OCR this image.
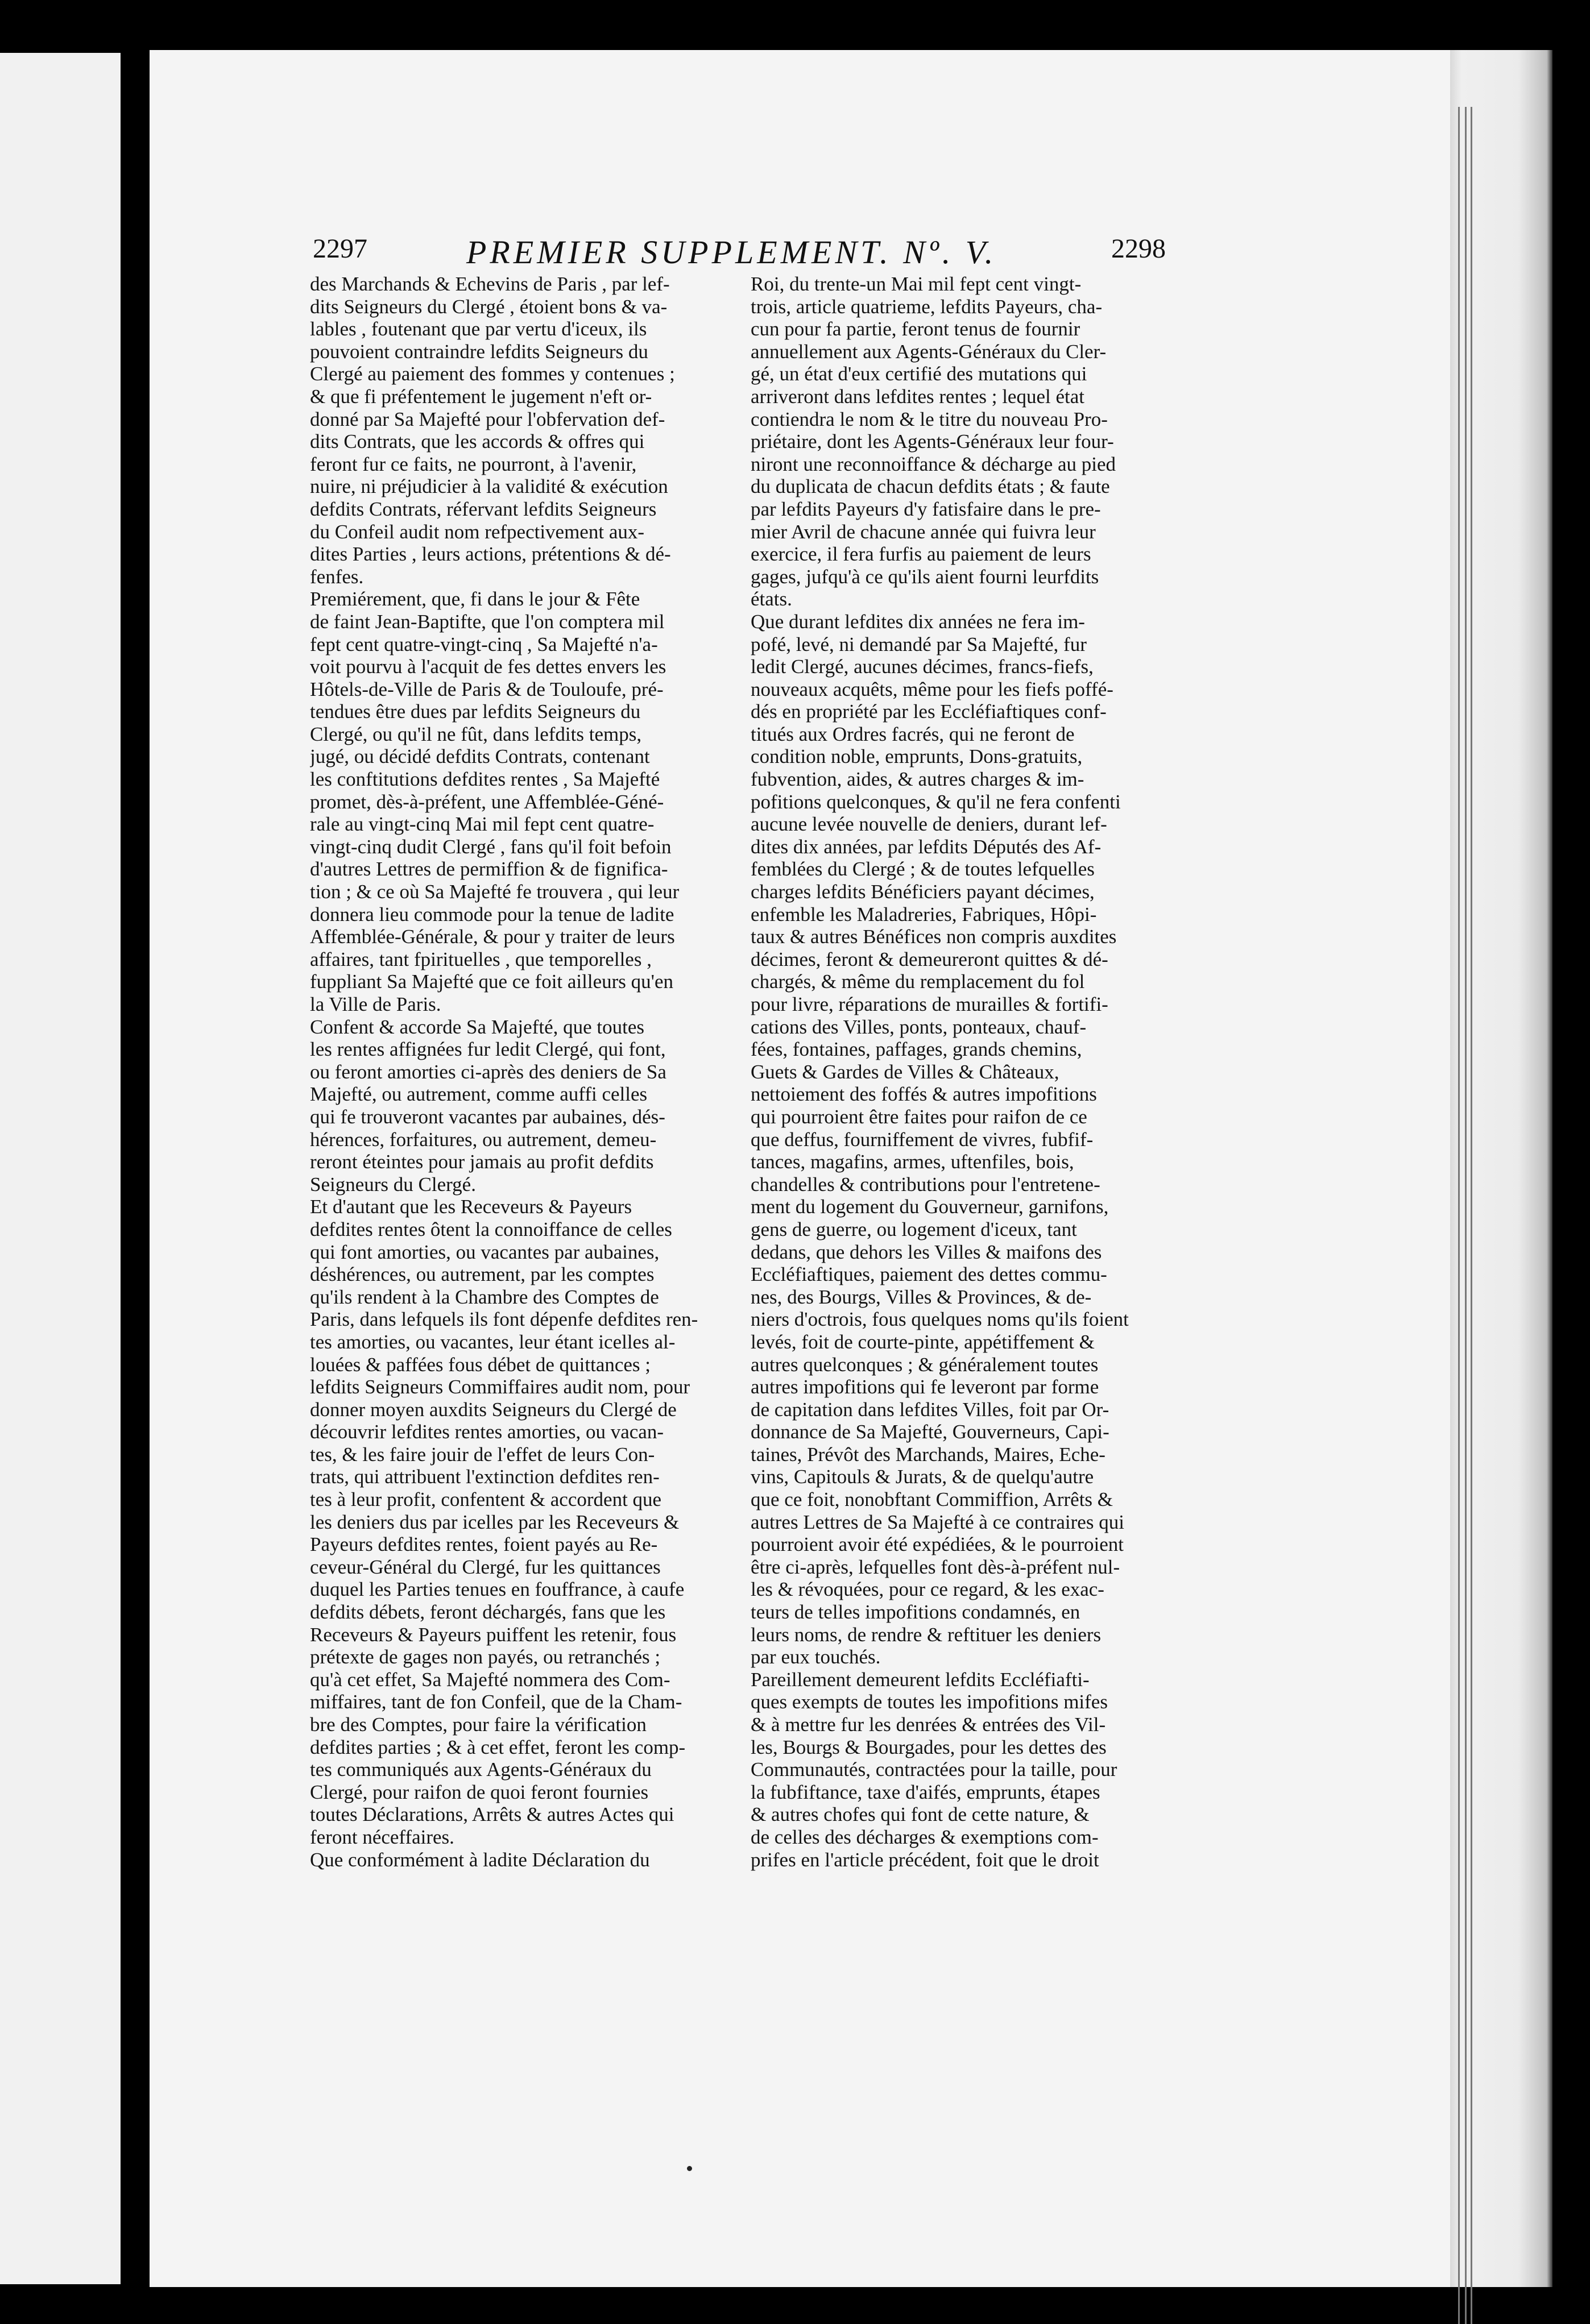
2297	PREMIER SUPPLEMENT. Nº. V.	2298
des Marchands & Echevins de Paris , par lef-
dits Seigneurs du Clergé , étoient bons & va-
lables , foutenant que par vertu d'iceux, ils
pouvoient contraindre lefdits Seigneurs du
Clergé au paiement des fommes y contenues ;
& que fi préfentement le jugement n'eft or-
donné par Sa Majefté pour l'obfervation def-
dits Contrats, que les accords & offres qui
feront fur ce faits, ne pourront, à l'avenir,
nuire, ni préjudicier à la validité & exécution
defdits Contrats, réfervant lefdits Seigneurs
du Confeil audit nom refpectivement aux-
dites Parties , leurs actions, prétentions & dé-
fenfes.
Premiérement, que, fi dans le jour & Fête
de faint Jean-Baptifte, que l'on comptera mil
fept cent quatre-vingt-cinq , Sa Majefté n'a-
voit pourvu à l'acquit de fes dettes envers les
Hôtels-de-Ville de Paris & de Touloufe, pré-
tendues être dues par lefdits Seigneurs du
Clergé, ou qu'il ne fût, dans lefdits temps,
jugé, ou décidé defdits Contrats, contenant
les conftitutions defdites rentes , Sa Majefté
promet, dès-à-préfent, une Affemblée-Géné-
rale au vingt-cinq Mai mil fept cent quatre-
vingt-cinq dudit Clergé , fans qu'il foit befoin
d'autres Lettres de permiffion & de fignifica-
tion ; & ce où Sa Majefté fe trouvera , qui leur
donnera lieu commode pour la tenue de ladite
Affemblée-Générale, & pour y traiter de leurs
affaires, tant fpirituelles , que temporelles ,
fuppliant Sa Majefté que ce foit ailleurs qu'en
la Ville de Paris.
Confent & accorde Sa Majefté, que toutes
les rentes affignées fur ledit Clergé, qui font,
ou feront amorties ci-après des deniers de Sa
Majefté, ou autrement, comme auffi celles
qui fe trouveront vacantes par aubaines, dés-
hérences, forfaitures, ou autrement, demeu-
reront éteintes pour jamais au profit defdits
Seigneurs du Clergé.
Et d'autant que les Receveurs & Payeurs
defdites rentes ôtent la connoiffance de celles
qui font amorties, ou vacantes par aubaines,
déshérences, ou autrement, par les comptes
qu'ils rendent à la Chambre des Comptes de
Paris, dans lefquels ils font dépenfe defdites ren-
tes amorties, ou vacantes, leur étant icelles al-
louées & paffées fous débet de quittances ;
lefdits Seigneurs Commiffaires audit nom, pour
donner moyen auxdits Seigneurs du Clergé de
découvrir lefdites rentes amorties, ou vacan-
tes, & les faire jouir de l'effet de leurs Con-
trats, qui attribuent l'extinction defdites ren-
tes à leur profit, confentent & accordent que
les deniers dus par icelles par les Receveurs &
Payeurs defdites rentes, foient payés au Re-
ceveur-Général du Clergé, fur les quittances
duquel les Parties tenues en fouffrance, à caufe
defdits débets, feront déchargés, fans que les
Receveurs & Payeurs puiffent les retenir, fous
prétexte de gages non payés, ou retranchés ;
qu'à cet effet, Sa Majefté nommera des Com-
miffaires, tant de fon Confeil, que de la Cham-
bre des Comptes, pour faire la vérification
defdites parties ; & à cet effet, feront les comp-
tes communiqués aux Agents-Généraux du
Clergé, pour raifon de quoi feront fournies
toutes Déclarations, Arrêts & autres Actes qui
feront néceffaires.
Que conformément à ladite Déclaration du
Roi, du trente-un Mai mil fept cent vingt-
trois, article quatrieme, lefdits Payeurs, cha-
cun pour fa partie, feront tenus de fournir
annuellement aux Agents-Généraux du Cler-
gé, un état d'eux certifié des mutations qui
arriveront dans lefdites rentes ; lequel état
contiendra le nom & le titre du nouveau Pro-
priétaire, dont les Agents-Généraux leur four-
niront une reconnoiffance & décharge au pied
du duplicata de chacun defdits états ; & faute
par lefdits Payeurs d'y fatisfaire dans le pre-
mier Avril de chacune année qui fuivra leur
exercice, il fera furfis au paiement de leurs
gages, jufqu'à ce qu'ils aient fourni leurfdits
états.
Que durant lefdites dix années ne fera im-
pofé, levé, ni demandé par Sa Majefté, fur
ledit Clergé, aucunes décimes, francs-fiefs,
nouveaux acquêts, même pour les fiefs poffé-
dés en propriété par les Eccléfiaftiques conf-
titués aux Ordres facrés, qui ne feront de
condition noble, emprunts, Dons-gratuits,
fubvention, aides, & autres charges & im-
pofitions quelconques, & qu'il ne fera confenti
aucune levée nouvelle de deniers, durant lef-
dites dix années, par lefdits Députés des Af-
femblées du Clergé ; & de toutes lefquelles
charges lefdits Bénéficiers payant décimes,
enfemble les Maladreries, Fabriques, Hôpi-
taux & autres Bénéfices non compris auxdites
décimes, feront & demeureront quittes & dé-
chargés, & même du remplacement du fol
pour livre, réparations de murailles & fortifi-
cations des Villes, ponts, ponteaux, chauf-
fées, fontaines, paffages, grands chemins,
Guets & Gardes de Villes & Châteaux,
nettoiement des foffés & autres impofitions
qui pourroient être faites pour raifon de ce
que deffus, fourniffement de vivres, fubfif-
tances, magafins, armes, uftenfiles, bois,
chandelles & contributions pour l'entretene-
ment du logement du Gouverneur, garnifons,
gens de guerre, ou logement d'iceux, tant
dedans, que dehors les Villes & maifons des
Eccléfiaftiques, paiement des dettes commu-
nes, des Bourgs, Villes & Provinces, & de-
niers d'octrois, fous quelques noms qu'ils foient
levés, foit de courte-pinte, appétiffement &
autres quelconques ; & généralement toutes
autres impofitions qui fe leveront par forme
de capitation dans lefdites Villes, foit par Or-
donnance de Sa Majefté, Gouverneurs, Capi-
taines, Prévôt des Marchands, Maires, Eche-
vins, Capitouls & Jurats, & de quelqu'autre
que ce foit, nonobftant Commiffion, Arrêts &
autres Lettres de Sa Majefté à ce contraires qui
pourroient avoir été expédiées, & le pourroient
être ci-après, lefquelles font dès-à-préfent nul-
les & révoquées, pour ce regard, & les exac-
teurs de telles impofitions condamnés, en
leurs noms, de rendre & reftituer les deniers
par eux touchés.
Pareillement demeurent lefdits Eccléfiafti-
ques exempts de toutes les impofitions mifes
& à mettre fur les denrées & entrées des Vil-
les, Bourgs & Bourgades, pour les dettes des
Communautés, contractées pour la taille, pour
la fubfiftance, taxe d'aifés, emprunts, étapes
& autres chofes qui font de cette nature, &
de celles des décharges & exemptions com-
prifes en l'article précédent, foit que le droit
